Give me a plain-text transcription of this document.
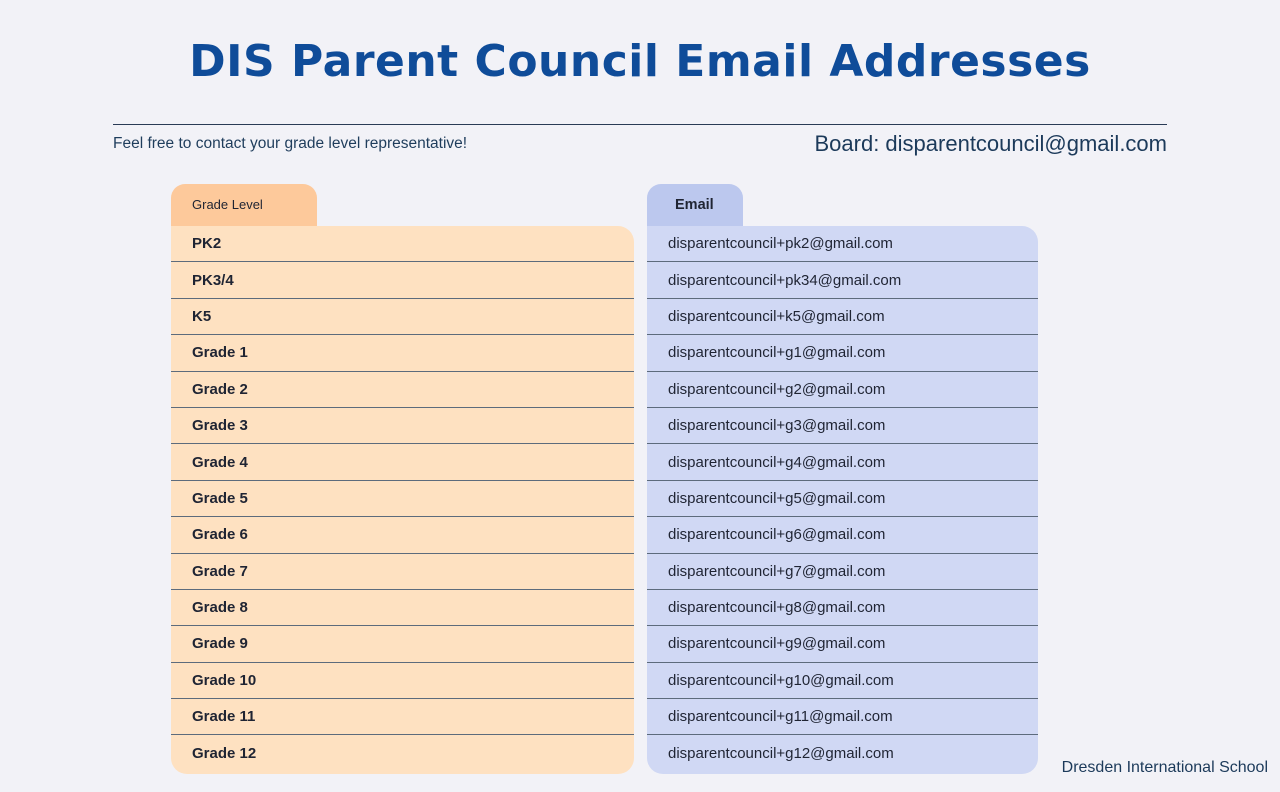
DIS Parent Council Email Addresses
Feel free to contact your grade level representative!	Board: disparentcouncil@gmail.com
Grade Level	Email
PK2
PK3/4
K5
Grade 1
Grade 2
Grade 3
Grade 4
Grade 5
Grade 6
Grade 7
Grade 8
Grade 9
Grade 10
Grade 11
Grade 12
disparentcouncil+pk2@gmail.com
disparentcouncil+pk34@gmail.com
disparentcouncil+k5@gmail.com
disparentcouncil+g1@gmail.com
disparentcouncil+g2@gmail.com
disparentcouncil+g3@gmail.com
disparentcouncil+g4@gmail.com
disparentcouncil+g5@gmail.com
disparentcouncil+g6@gmail.com
disparentcouncil+g7@gmail.com
disparentcouncil+g8@gmail.com
disparentcouncil+g9@gmail.com
disparentcouncil+g10@gmail.com
disparentcouncil+g11@gmail.com
disparentcouncil+g12@gmail.com
Dresden International School
